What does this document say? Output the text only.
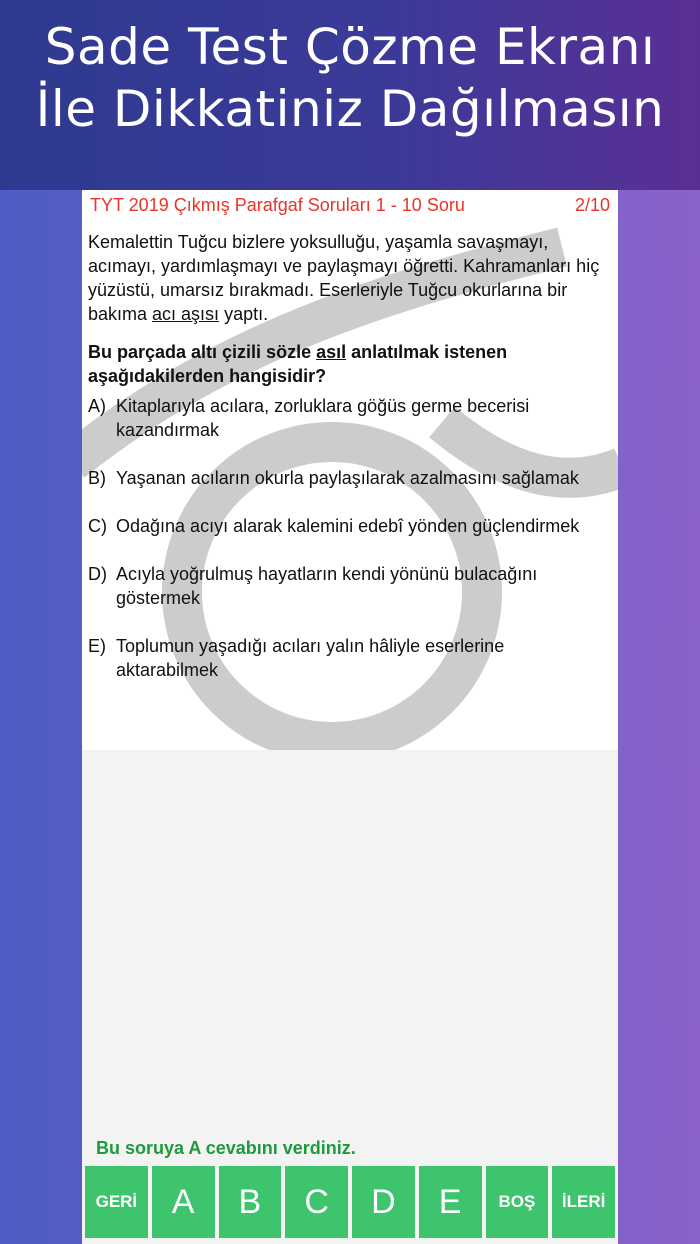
Sade Test Çözme Ekranı
İle Dikkatiniz Dağılmasın
TYT 2019 Çıkmış Parafgaf Soruları 1 - 10 Soru	2/10

Kemalettin Tuğcu bizlere yoksulluğu, yaşamla savaşmayı, acımayı, yardımlaşmayı ve paylaşmayı öğretti. Kahramanları hiç yüzüstü, umarsız bırakmadı. Eserleriyle Tuğcu okurlarına bir bakıma acı aşısı yaptı.

Bu parçada altı çizili sözle asıl anlatılmak istenen aşağıdakilerden hangisidir?

A) Kitaplarıyla acılara, zorluklara göğüs germe becerisi kazandırmak
B) Yaşanan acıların okurla paylaşılarak azalmasını sağlamak
C) Odağına acıyı alarak kalemini edebî yönden güçlendirmek
D) Acıyla yoğrulmuş hayatların kendi yönünü bulacağını göstermek
E) Toplumun yaşadığı acıları yalın hâliyle eserlerine aktarabilmek
Bu soruya A cevabını verdiniz.
GERİ	A	B	C	D	E	BOŞ	İLERİ
